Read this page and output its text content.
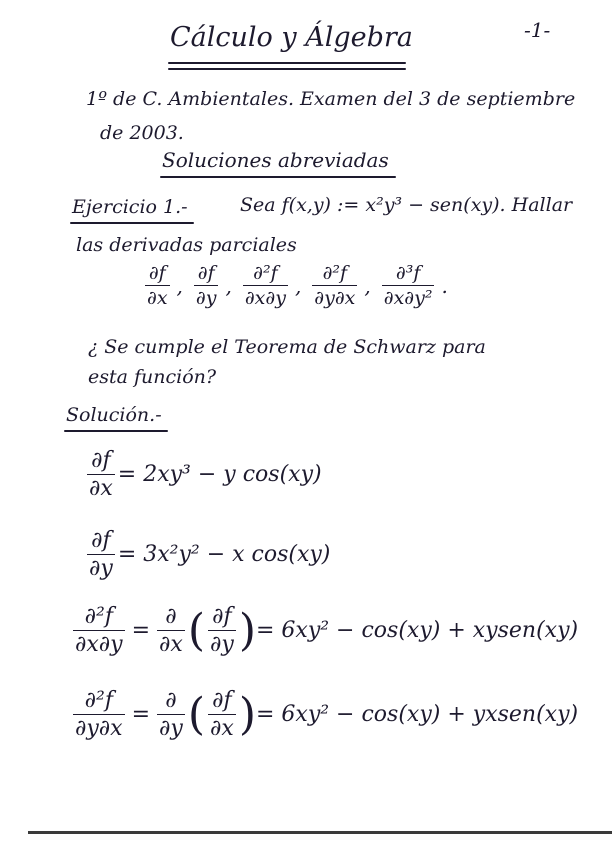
Cálculo y Álgebra	-1-
1º de C. Ambientales. Examen del 3 de septiembre
de 2003.
Soluciones abreviadas
Ejercicio 1.-	Sea f(x,y) := x²y³ − sen(xy). Hallar
las derivadas parciales
$\frac{\partial f}{\partial x}$ , $\frac{\partial f}{\partial y}$ , $\frac{\text{∂²f}}{\partial x\partial y}$ , $\frac{\text{∂²f}}{\partial y\partial x}$ , $\frac{\text{∂³f}}{\text{∂x∂y²}}$ .
¿ Se cumple el Teorema de Schwarz para
esta función?
Solución.-
$\frac{\partial f}{\partial x} = 2xy^3 - y$ cos(xy)
$\frac{\partial f}{\partial y} = 3x^2y^2 - x$ cos(xy)
$\frac{\text{∂²f}}{\partial x\partial y} = \frac{\partial}{\partial x}$ ( $\frac{\partial f}{\partial y}$ ) = 6xy² − cos(xy) + xysen(xy)
$\frac{\text{∂²f}}{\partial y\partial x} = \frac{\partial}{\partial y}$ ( $\frac{\partial f}{\partial x}$ ) = 6xy² − cos(xy) + yxsen(xy)
